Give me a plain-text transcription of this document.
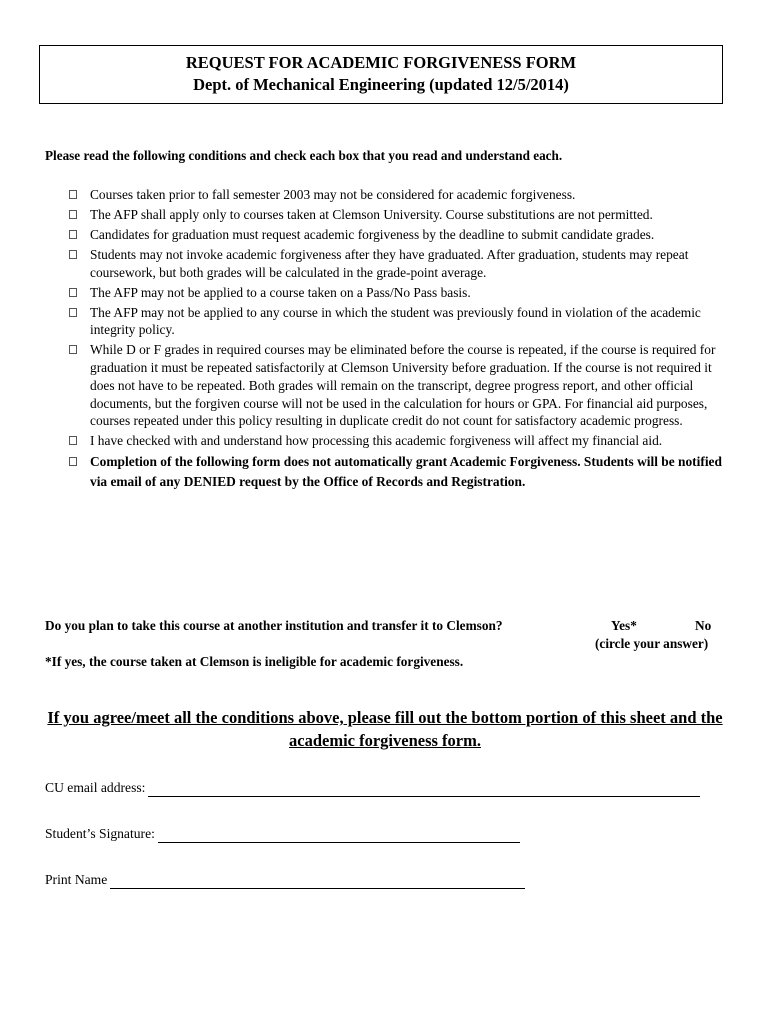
REQUEST FOR ACADEMIC FORGIVENESS FORM
Dept. of Mechanical Engineering (updated 12/5/2014)
Please read the following conditions and check each box that you read and understand each.
Courses taken prior to fall semester 2003 may not be considered for academic forgiveness.
The AFP shall apply only to courses taken at Clemson University. Course substitutions are not permitted.
Candidates for graduation must request academic forgiveness by the deadline to submit candidate grades.
Students may not invoke academic forgiveness after they have graduated. After graduation, students may repeat coursework, but both grades will be calculated in the grade-point average.
The AFP may not be applied to a course taken on a Pass/No Pass basis.
The AFP may not be applied to any course in which the student was previously found in violation of the academic integrity policy.
While D or F grades in required courses may be eliminated before the course is repeated, if the course is required for graduation it must be repeated satisfactorily at Clemson University before graduation. If the course is not required it does not have to be repeated. Both grades will remain on the transcript, degree progress report, and other official documents, but the forgiven course will not be used in the calculation for hours or GPA. For financial aid purposes, courses repeated under this policy resulting in duplicate credit do not count for satisfactory academic progress.
I have checked with and understand how processing this academic forgiveness will affect my financial aid.
Completion of the following form does not automatically grant Academic Forgiveness. Students will be notified via email of any DENIED request by the Office of Records and Registration.
Do you plan to take this course at another institution and transfer it to Clemson?	Yes*	No
(circle your answer)
*If yes, the course taken at Clemson is ineligible for academic forgiveness.
If you agree/meet all the conditions above, please fill out the bottom portion of this sheet and the academic forgiveness form.
CU email address:
Student’s Signature:
Print Name
